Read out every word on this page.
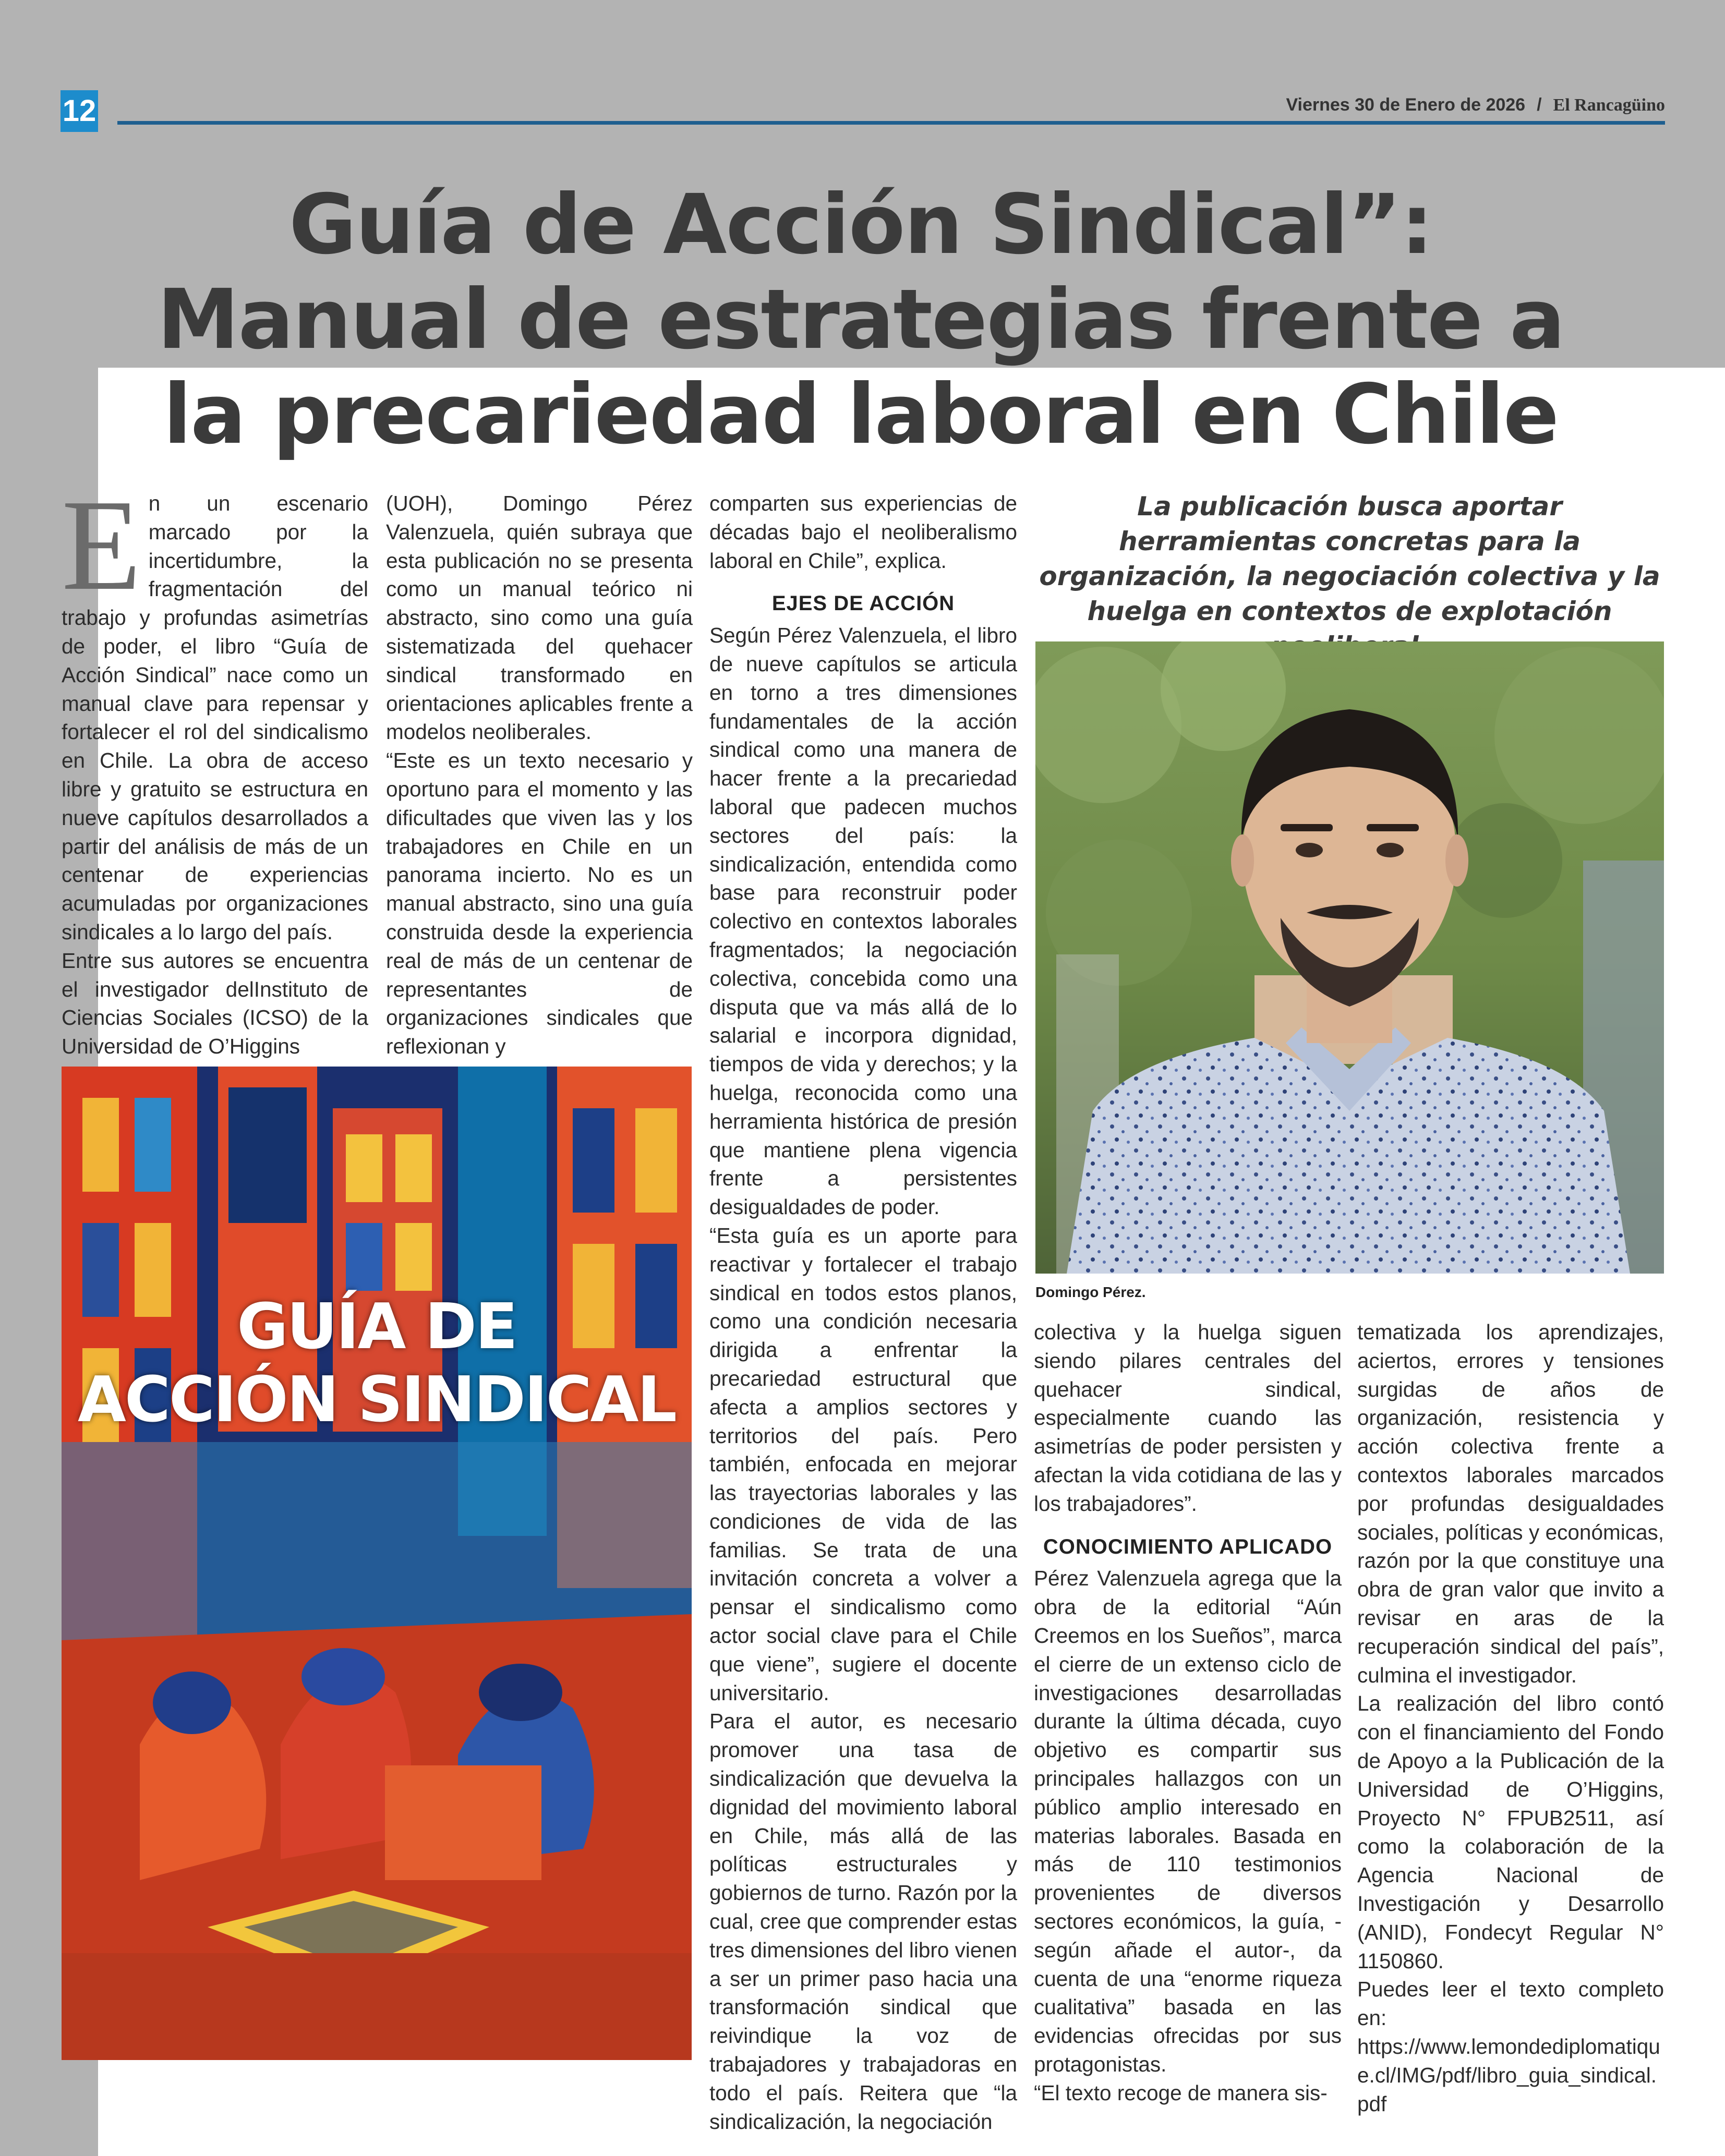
12	Viernes 30 de Enero de 2026 / El Rancagüino
Guía de Acción Sindical”: Manual de estrategias frente a la precariedad laboral en Chile

En un escenario marcado por la incertidumbre, la fragmentación del trabajo y profundas asimetrías de poder, el libro “Guía de Acción Sindical” nace como un manual clave para repensar y fortalecer el rol del sindicalismo en Chile. La obra de acceso libre y gratuito se estructura en nueve capítulos desarrollados a partir del análisis de más de un centenar de experiencias acumuladas por organizaciones sindicales a lo largo del país.

Entre sus autores se encuentra el investigador delInstituto de Ciencias Sociales (ICSO) de la Universidad de O’Higgins

(UOH), Domingo Pérez Valenzuela, quién subraya que esta publicación no se presenta como un manual teórico ni abstracto, sino como una guía sistematizada del quehacer sindical transformado en orientaciones aplicables frente a modelos neoliberales.

“Este es un texto necesario y oportuno para el momento y las dificultades que viven las y los trabajadores en Chile en un panorama incierto. No es un manual abstracto, sino una guía construida desde la experiencia real de más de un centenar de representantes de organizaciones sindicales que reflexionan y

comparten sus experiencias de décadas bajo el neoliberalismo laboral en Chile”, explica.

EJES DE ACCIÓN

Según Pérez Valenzuela, el libro de nueve capítulos se articula en torno a tres dimensiones fundamentales de la acción sindical como una manera de hacer frente a la precariedad laboral que padecen muchos sectores del país: la sindicalización, entendida como base para reconstruir poder colectivo en contextos laborales fragmentados; la negociación colectiva, concebida como una disputa que va más allá de lo salarial e incorpora dignidad, tiempos de vida y derechos; y la huelga, reconocida como una herramienta histórica de presión que mantiene plena vigencia frente a persistentes desigualdades de poder.

“Esta guía es un aporte para reactivar y fortalecer el trabajo sindical en todos estos planos, como una condición necesaria dirigida a enfrentar la precariedad estructural que afecta a amplios sectores y territorios del país. Pero también, enfocada en mejorar las trayectorias laborales y las condiciones de vida de las familias. Se trata de una invitación concreta a volver a pensar el sindicalismo como actor social clave para el Chile que viene”, sugiere el docente universitario.

Para el autor, es necesario promover una tasa de sindicalización que devuelva la dignidad del movimiento laboral en Chile, más allá de las políticas estructurales y gobiernos de turno. Razón por la cual, cree que comprender estas tres dimensiones del libro vienen a ser un primer paso hacia una transformación sindical que reivindique la voz de trabajadores y trabajadoras en todo el país. Reitera que “la sindicalización, la negociación

La publicación busca aportar herramientas concretas para la organización, la negociación colectiva y la huelga en contextos de explotación
Domingo Pérez.
GUÍA DE
ACCIÓN SINDICAL

colectiva y la huelga siguen siendo pilares centrales del quehacer sindical, especialmente cuando las asimetrías de poder persisten y afectan la vida cotidiana de las y los trabajadores”.

CONOCIMIENTO APLICADO

Pérez Valenzuela agrega que la obra de la editorial “Aún Creemos en los Sueños”, marca el cierre de un extenso ciclo de investigaciones desarrolladas durante la última década, cuyo objetivo es compartir sus principales hallazgos con un público amplio interesado en materias laborales. Basada en más de 110 testimonios provenientes de diversos sectores económicos, la guía, -según añade el autor-, da cuenta de una “enorme riqueza cualitativa” basada en las evidencias ofrecidas por sus protagonistas.

“El texto recoge de manera sis-

tematizada los aprendizajes, aciertos, errores y tensiones surgidas de años de organización, resistencia y acción colectiva frente a contextos laborales marcados por profundas desigualdades sociales, políticas y económicas, razón por la que constituye una obra de gran valor que invito a revisar en aras de la recuperación sindical del país”, culmina el investigador.

La realización del libro contó con el financiamiento del Fondo de Apoyo a la Publicación de la Universidad de O’Higgins, Proyecto N° FPUB2511, así como la colaboración de la Agencia Nacional de Investigación y Desarrollo (ANID), Fondecyt Regular N° 1150860.

Puedes leer el texto completo en:

https://www.lemondediplomatique.cl/IMG/pdf/libro_guia_sindical.pdf
